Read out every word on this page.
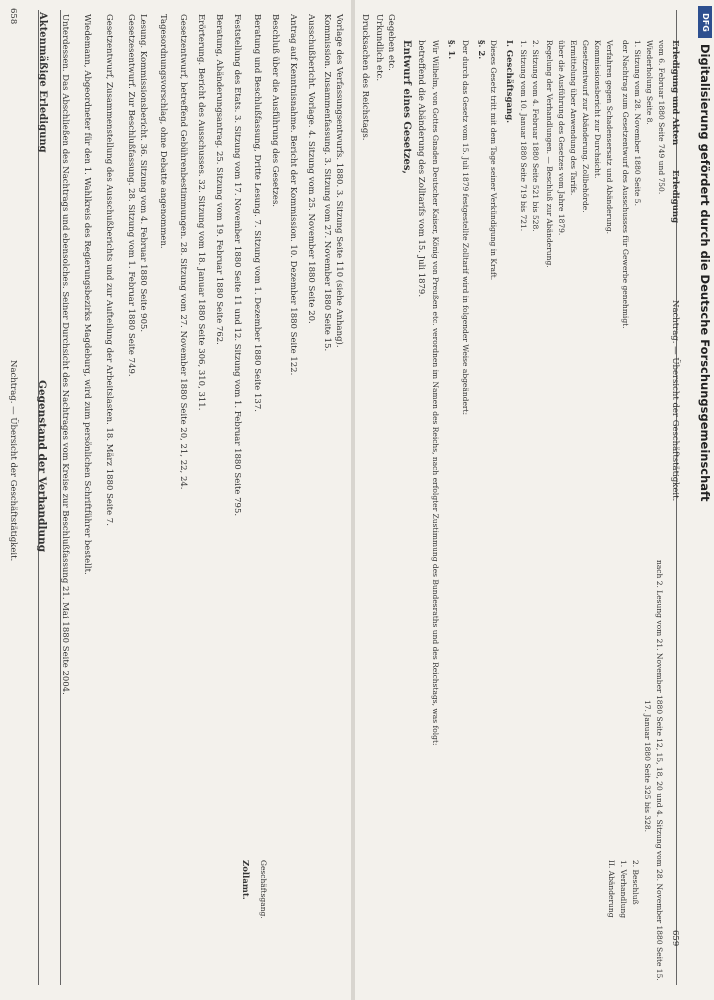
658
Nachtrag. — Übersicht der Geschäftstätigkeit.
Aktenmäßige Erledigung
Gegenstand der Verhandlung Unterdessen. Das Abschließen des Nachtrags und ebensolches. Seiner Durchsicht des Nachtrages vom Kreise zur Beschlußfassung 21. Mai 1880 Seite 2004. Wiedemann, Abgeordneter für den 1. Wahlkreis des Regierungsbezirks Magdeburg, wird zum persönlichen Schriftführer bestellt. Gesetzentwurf, Zusammenstellung des Ausschußberichts und zur Aufteilung der Arbeitslasten. 18. März 1880 Seite 7. Gesetzesentwurf. Zur Beschlußfassung. 28. Sitzung vom 1. Februar 1880 Seite 749. Lesung. Kommissionsbericht. 36. Sitzung vom 4. Februar 1880 Seite 905. Tagesordnungsvorschlag, ohne Debatte angenommen. Gesetzentwurf, betreffend Gebührenbestimmungen. 28. Sitzung vom 27. November 1880 Seite 20, 21, 22, 24. Erörterung. Bericht des Ausschusses. 32. Sitzung vom 18. Januar 1880 Seite 306, 310, 311. Beratung, Abänderungsantrag. 25. Sitzung vom 19. Februar 1880 Seite 762. Feststellung des Etats. 3. Sitzung vom 17. November 1880 Seite 11 und 12. Sitzung vom 1. Februar 1880 Seite 795. Beratung und Beschlußfassung, Dritte Lesung. 7. Sitzung vom 1. Dezember 1880 Seite 137. Beschluß über die Ausführung des Gesetzes. Antrag auf Kenntnisnahme. Bericht der Kommission. 10. Dezember 1880 Seite 122. Ausschußbericht. Vorlage. 4. Sitzung vom 25. November 1880 Seite 20. Kommission. Zusammenfassung. 3. Sitzung vom 27. November 1880 Seite 15. Vorlage des Verfassungsentwurfs. 1880. 3. Sitzung Seite 110 (siehe Anhang).
Zollamt. Geschäftsgang.
Drucksachen des Reichstags. Urkundlich etc. Gegeben etc. Entwurf eines Gesetzes, betreffend die Abänderung des Zolltarifs vom 15. Juli 1879. Wir Wilhelm, von Gottes Gnaden Deutscher Kaiser, König von Preußen etc. verordnen im Namen des Reichs, nach erfolgter Zustimmung des Bundesraths und des Reichstags, was folgt: §. 1. Der durch das Gesetz vom 15. Juli 1879 festgestellte Zolltarif wird in folgender Weise abgeändert: §. 2. Dieses Gesetz tritt mit dem Tage seiner Verkündigung in Kraft. I. Geschäftsgang. 1. Sitzung vom 10. Januar 1880 Seite 719 bis 721. 2. Sitzung vom 4. Februar 1880 Seite 521 bis 528. Regelung der Verhandlungen. — Beschluß zur Abänderung. über die Ausführung des Gesetzes vom Jahre 1879. Ermittelung über Anwendung des Tarifs. Gesetzentwurf zur Abänderung. Zollbehörde. Kommissionsbericht zur Durchsicht. Verfahren gegen Schadensersatz und Abänderung. der Nachtrag zum Gesetzentwurf des Ausschusses für Gewerbe genehmigt. 1. Sitzung vom 28. November 1880 Seite 5. Wiederholung Seite 8. vom 6. Februar 1880 Seite 749 und 750. Erledigung und Akten
Erledigung
Nachtrag. — Übersicht der Geschäftstätigkeit.
659
II. Abänderung 1. Verhandlung 2. Beschluß
17. Januar 1880 Seite 325 bis 328. nach 2. Lesung vom 21. November 1880 Seite 12, 15, 18, 20 und 4. Sitzung vom 28. November 1880 Seite 15.
Digitalisierung gefördert durch die Deutsche Forschungsgemeinschaft
DFG
